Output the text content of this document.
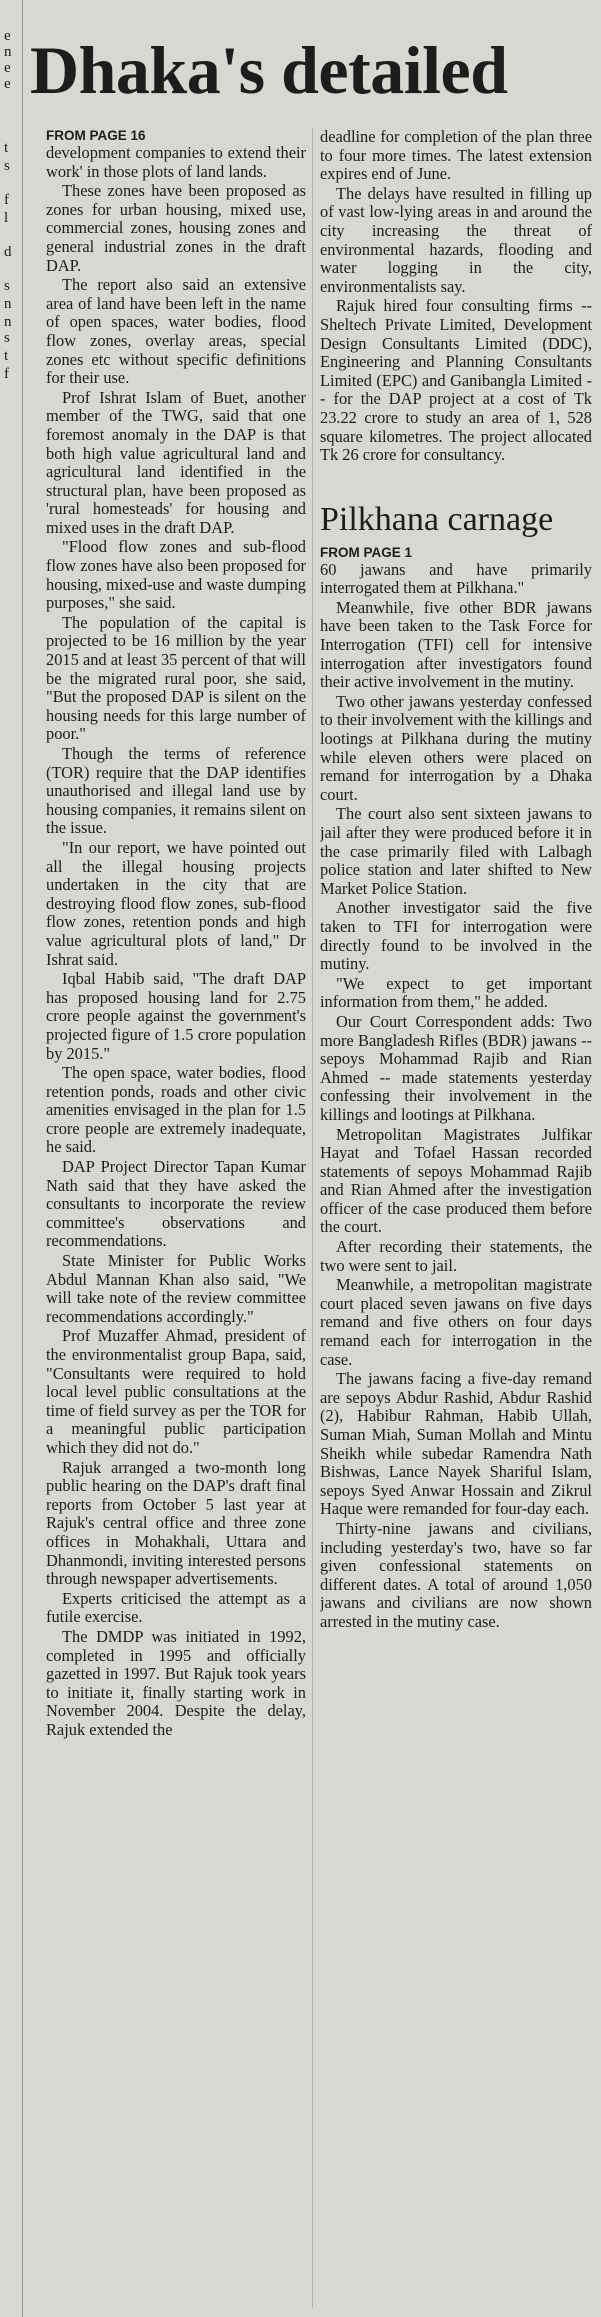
e
n
e
e
t
s
f
l
d
s
n
n
s
t
f
Dhaka's detailed
FROM PAGE 16

development companies to extend their work' in those plots of land lands.

These zones have been proposed as zones for urban housing, mixed use, commercial zones, housing zones and general industrial zones in the draft DAP.

The report also said an extensive area of land have been left in the name of open spaces, water bodies, flood flow zones, overlay areas, special zones etc without specific definitions for their use.

Prof Ishrat Islam of Buet, another member of the TWG, said that one foremost anomaly in the DAP is that both high value agricultural land and agricultural land identified in the structural plan, have been proposed as 'rural homesteads' for housing and mixed uses in the draft DAP.

"Flood flow zones and sub-flood flow zones have also been proposed for housing, mixed-use and waste dumping purposes," she said.

The population of the capital is projected to be 16 million by the year 2015 and at least 35 percent of that will be the migrated rural poor, she said, "But the proposed DAP is silent on the housing needs for this large number of poor."

Though the terms of reference (TOR) require that the DAP identifies unauthorised and illegal land use by housing companies, it remains silent on the issue.

"In our report, we have pointed out all the illegal housing projects undertaken in the city that are destroying flood flow zones, sub-flood flow zones, retention ponds and high value agricultural plots of land," Dr Ishrat said.

Iqbal Habib said, "The draft DAP has proposed housing land for 2.75 crore people against the government's projected figure of 1.5 crore population by 2015."

The open space, water bodies, flood retention ponds, roads and other civic amenities envisaged in the plan for 1.5 crore people are extremely inadequate, he said.

DAP Project Director Tapan Kumar Nath said that they have asked the consultants to incorporate the review committee's observations and recommendations.

State Minister for Public Works Abdul Mannan Khan also said, "We will take note of the review committee recommendations accordingly."

Prof Muzaffer Ahmad, president of the environmentalist group Bapa, said, "Consultants were required to hold local level public consultations at the time of field survey as per the TOR for a meaningful public participation which they did not do."

Rajuk arranged a two-month long public hearing on the DAP's draft final reports from October 5 last year at Rajuk's central office and three zone offices in Mohakhali, Uttara and Dhanmondi, inviting interested persons through newspaper advertisements.

Experts criticised the attempt as a futile exercise.

The DMDP was initiated in 1992, completed in 1995 and officially gazetted in 1997. But Rajuk took years to initiate it, finally starting work in November 2004. Despite the delay, Rajuk extended the

deadline for completion of the plan three to four more times. The latest extension expires end of June.

The delays have resulted in filling up of vast low-lying areas in and around the city increasing the threat of environmental hazards, flooding and water logging in the city, environmentalists say.

Rajuk hired four consulting firms -- Sheltech Private Limited, Development Design Consultants Limited (DDC), Engineering and Planning Consultants Limited (EPC) and Ganibangla Limited -- for the DAP project at a cost of Tk 23.22 crore to study an area of 1, 528 square kilometres. The project allocated Tk 26 crore for consultancy.

Pilkhana carnage
FROM PAGE 1

60 jawans and have primarily interrogated them at Pilkhana."

Meanwhile, five other BDR jawans have been taken to the Task Force for Interrogation (TFI) cell for intensive interrogation after investigators found their active involvement in the mutiny.

Two other jawans yesterday confessed to their involvement with the killings and lootings at Pilkhana during the mutiny while eleven others were placed on remand for interrogation by a Dhaka court.

The court also sent sixteen jawans to jail after they were produced before it in the case primarily filed with Lalbagh police station and later shifted to New Market Police Station.

Another investigator said the five taken to TFI for interrogation were directly found to be involved in the mutiny.

"We expect to get important information from them," he added.

Our Court Correspondent adds: Two more Bangladesh Rifles (BDR) jawans -- sepoys Mohammad Rajib and Rian Ahmed -- made statements yesterday confessing their involvement in the killings and lootings at Pilkhana.

Metropolitan Magistrates Julfikar Hayat and Tofael Hassan recorded statements of sepoys Mohammad Rajib and Rian Ahmed after the investigation officer of the case produced them before the court.

After recording their statements, the two were sent to jail.

Meanwhile, a metropolitan magistrate court placed seven jawans on five days remand and five others on four days remand each for interrogation in the case.

The jawans facing a five-day remand are sepoys Abdur Rashid, Abdur Rashid (2), Habibur Rahman, Habib Ullah, Suman Miah, Suman Mollah and Mintu Sheikh while subedar Ramendra Nath Bishwas, Lance Nayek Shariful Islam, sepoys Syed Anwar Hossain and Zikrul Haque were remanded for four-day each.

Thirty-nine jawans and civilians, including yesterday's two, have so far given confessional statements on different dates. A total of around 1,050 jawans and civilians are now shown arrested in the mutiny case.
